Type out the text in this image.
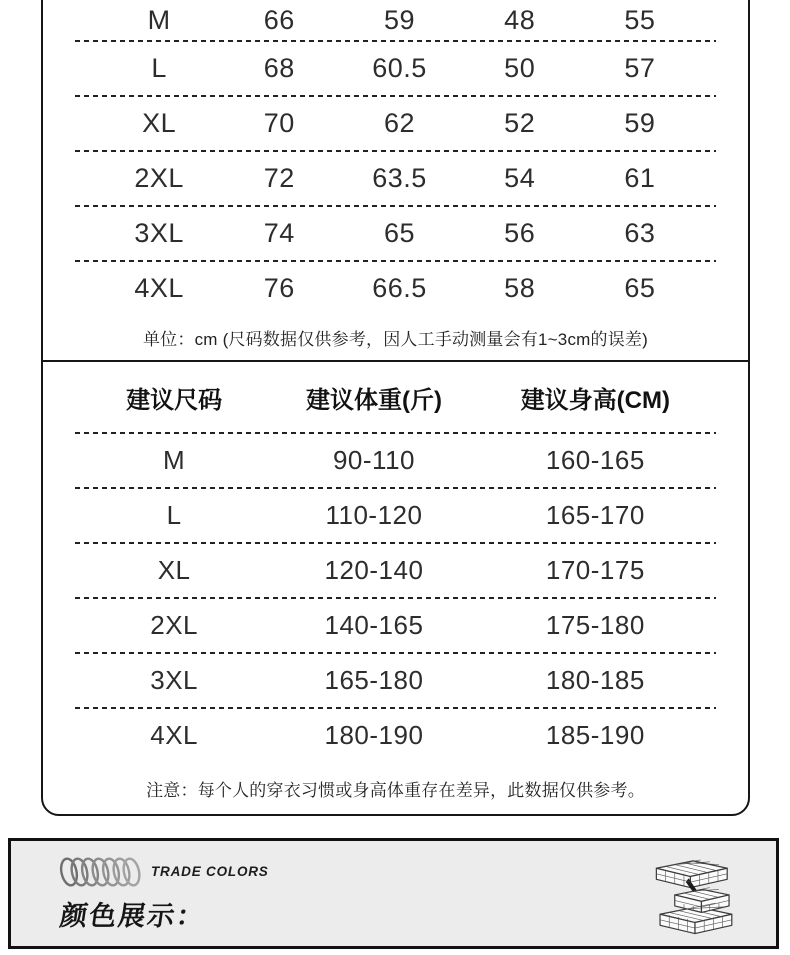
M	66	59	48	55
L	68	60.5	50	57
XL	70	62	52	59
2XL	72	63.5	54	61
3XL	74	65	56	63
4XL	76	66.5	58	65
单位：cm (尺码数据仅供参考，因人工手动测量会有1~3cm的误差)
建议尺码	建议体重(斤)	建议身高(CM)
M	90-110	160-165
L	110-120	165-170
XL	120-140	170-175
2XL	140-165	175-180
3XL	165-180	180-185
4XL	180-190	185-190
注意：每个人的穿衣习惯或身高体重存在差异，此数据仅供参考。
TRADE COLORS
颜色展示：
